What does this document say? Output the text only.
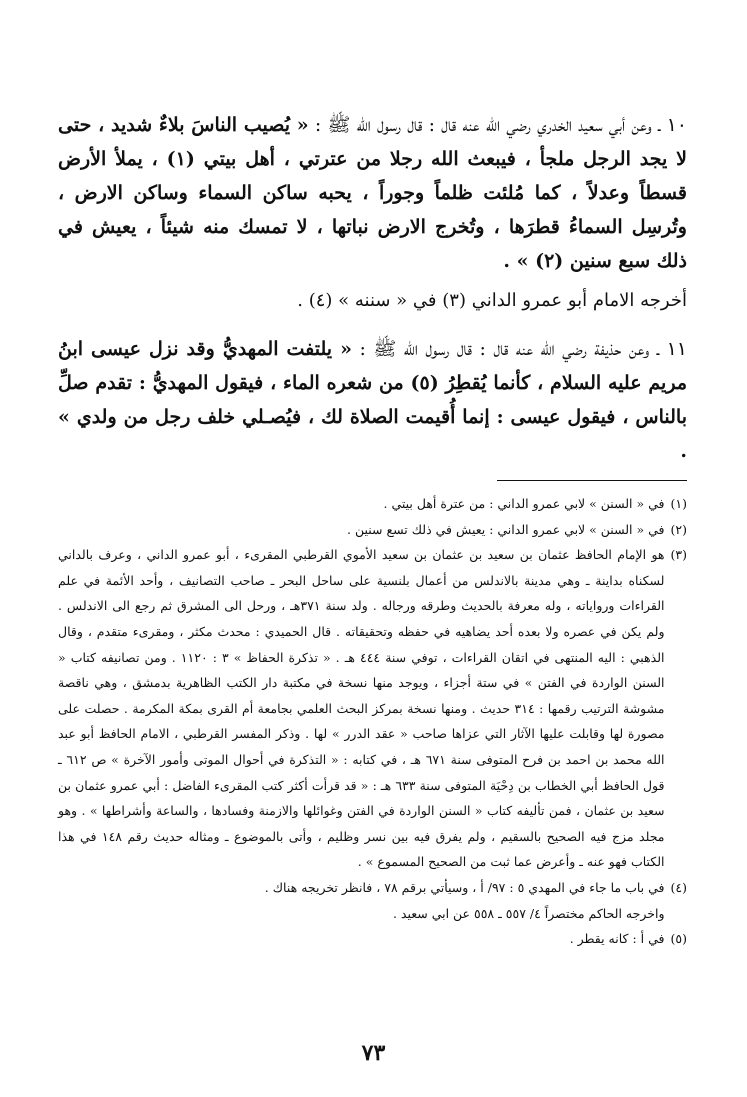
١٠ ـ وعن أبي سعيد الخدري رضي الله عنه قال : قال رسول الله ﷺ : « يُصيب الناسَ بلاءٌ شديد ، حتى لا يجد الرجل ملجأ ، فيبعث الله رجلا من عترتي ، أهل بيتي (١) ، يملأ الأرض قسطاً وعدلاً ، كما مُلئت ظلماً وجوراً ، يحبه ساكن السماء وساكن الارض ، وتُرسِل السماءُ قطرَها ، وتُخرج الارض نباتها ، لا تمسك منه شيئاً ، يعيش في ذلك سبع سنين (٢) » .

أخرجه الامام أبو عمرو الداني (٣) في « سننه » (٤) .

١١ ـ وعن حذيفة رضي الله عنه قال : قال رسول الله ﷺ : « يلتفت المهديُّ وقد نزل عيسى ابنُ مريم عليه السلام ، كأنما يُقطِرُ (٥) من شعره الماء ، فيقول المهديُّ : تقدم صلِّ بالناس ، فيقول عيسى : إنما أُقيمت الصلاة لك ، فيُصـلي خلف رجل من ولدي » .

(١)

في « السنن » لابي عمرو الداني : من عترة أهل بيتي .

(٢)

في « السنن » لابي عمرو الداني : يعيش في ذلك تسع سنين .

(٣)

هو الإمام الحافظ عثمان بن سعيد بن عثمان بن سعيد الأموي القرطبي المقرىء ، أبو عمرو الداني ، وعرف بالداني لسكناه بداينة ـ وهي مدينة بالاندلس من أعمال بلنسية على ساحل البحر ـ صاحب التصانيف ، وأحد الأئمة في علم القراءات ورواياته ، وله معرفة بالحديث وطرقه ورجاله . ولد سنة ٣٧١هـ ، ورحل الى المشرق ثم رجع الى الاندلس . ولم يكن في عصره ولا بعده أحد يضاهيه في حفظه وتحقيقاته . قال الحميدي : محدث مكثر ، ومقرىء متقدم ، وقال الذهبي : اليه المنتهى في اتقان القراءات ، توفي سنة ٤٤٤ هـ . « تذكرة الحفاظ » ٣ : ١١٢٠ . ومن تصانيفه كتاب « السنن الواردة في الفتن » في ستة أجزاء ، ويوجد منها نسخة في مكتبة دار الكتب الظاهرية بدمشق ، وهي ناقصة مشوشة الترتيب رقمها : ٣١٤ حديث . ومنها نسخة بمركز البحث العلمي بجامعة أم القرى بمكة المكرمة . حصلت على مصورة لها وقابلت عليها الآثار التي عزاها صاحب « عقد الدرر » لها . وذكر المفسر القرطبي ، الامام الحافظ أبو عبد الله محمد بن احمد بن فرح المتوفى سنة ٦٧١ هـ ، في كتابه : « التذكرة في أحوال الموتى وأمور الآخرة » ص ٦١٢ ـ قول الحافظ أبي الخطاب بن دِحْيَة المتوفى سنة ٦٣٣ هـ : « قد قرأت أكثر كتب المقرىء الفاضل : أبي عمرو عثمان بن سعيد بن عثمان ، فمن تأليفه كتاب « السنن الواردة في الفتن وغوائلها والازمنة وفسادها ، والساعة وأشراطها » . وهو مجلد مزج فيه الصحيح بالسقيم ، ولم يفرق فيه بين نسر وظليم ، وأتى بالموضوع ـ ومثاله حديث رقم ١٤٨ في هذا الكتاب فهو عنه ـ وأعرض عما ثبت من الصحيح المسموع » .

(٤)

في باب ما جاء في المهدي ٥ : ٩٧/ أ ، وسيأتي برقم ٧٨ ، فانظر تخريجه هناك .

واخرجه الحاكم مختصراً ٤/ ٥٥٧ ـ ٥٥٨ عن ابي سعيد .

(٥)

في أ : كانه يقطر .

٧٣
